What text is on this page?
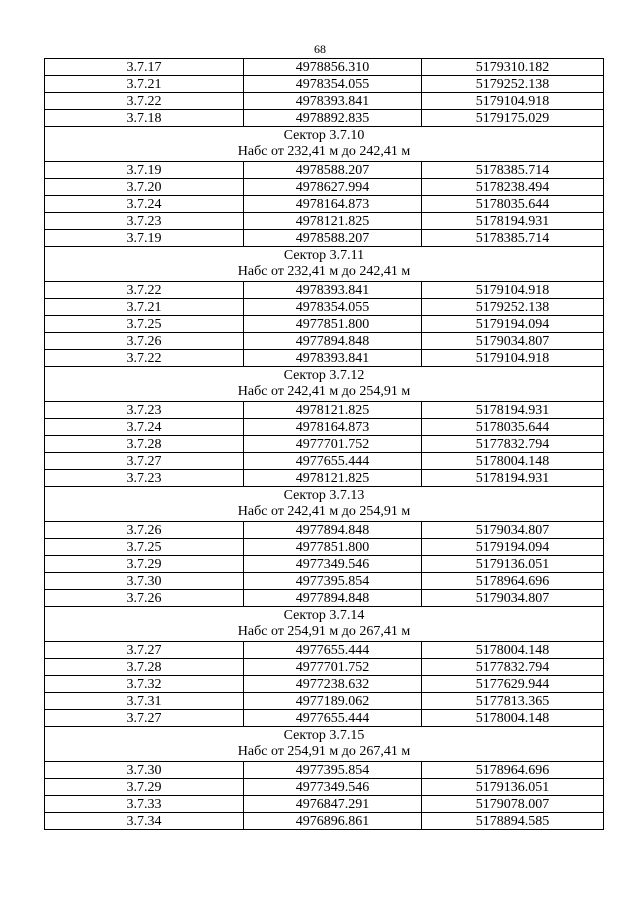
68
3.7.17	4978856.310	5179310.182
3.7.21	4978354.055	5179252.138
3.7.22	4978393.841	5179104.918
3.7.18	4978892.835	5179175.029

Сектор 3.7.10
Набс от 232,41 м до 242,41 м		

3.7.19	4978588.207	5178385.714
3.7.20	4978627.994	5178238.494
3.7.24	4978164.873	5178035.644
3.7.23	4978121.825	5178194.931
3.7.19	4978588.207	5178385.714

Сектор 3.7.11
Набс от 232,41 м до 242,41 м		

3.7.22	4978393.841	5179104.918
3.7.21	4978354.055	5179252.138
3.7.25	4977851.800	5179194.094
3.7.26	4977894.848	5179034.807
3.7.22	4978393.841	5179104.918

Сектор 3.7.12
Набс от 242,41 м до 254,91 м		

3.7.23	4978121.825	5178194.931
3.7.24	4978164.873	5178035.644
3.7.28	4977701.752	5177832.794
3.7.27	4977655.444	5178004.148
3.7.23	4978121.825	5178194.931

Сектор 3.7.13
Набс от 242,41 м до 254,91 м		

3.7.26	4977894.848	5179034.807
3.7.25	4977851.800	5179194.094
3.7.29	4977349.546	5179136.051
3.7.30	4977395.854	5178964.696
3.7.26	4977894.848	5179034.807

Сектор 3.7.14
Набс от 254,91 м до 267,41 м		

3.7.27	4977655.444	5178004.148
3.7.28	4977701.752	5177832.794
3.7.32	4977238.632	5177629.944
3.7.31	4977189.062	5177813.365
3.7.27	4977655.444	5178004.148

Сектор 3.7.15
Набс от 254,91 м до 267,41 м		

3.7.30	4977395.854	5178964.696
3.7.29	4977349.546	5179136.051
3.7.33	4976847.291	5179078.007
3.7.34	4976896.861	5178894.585
